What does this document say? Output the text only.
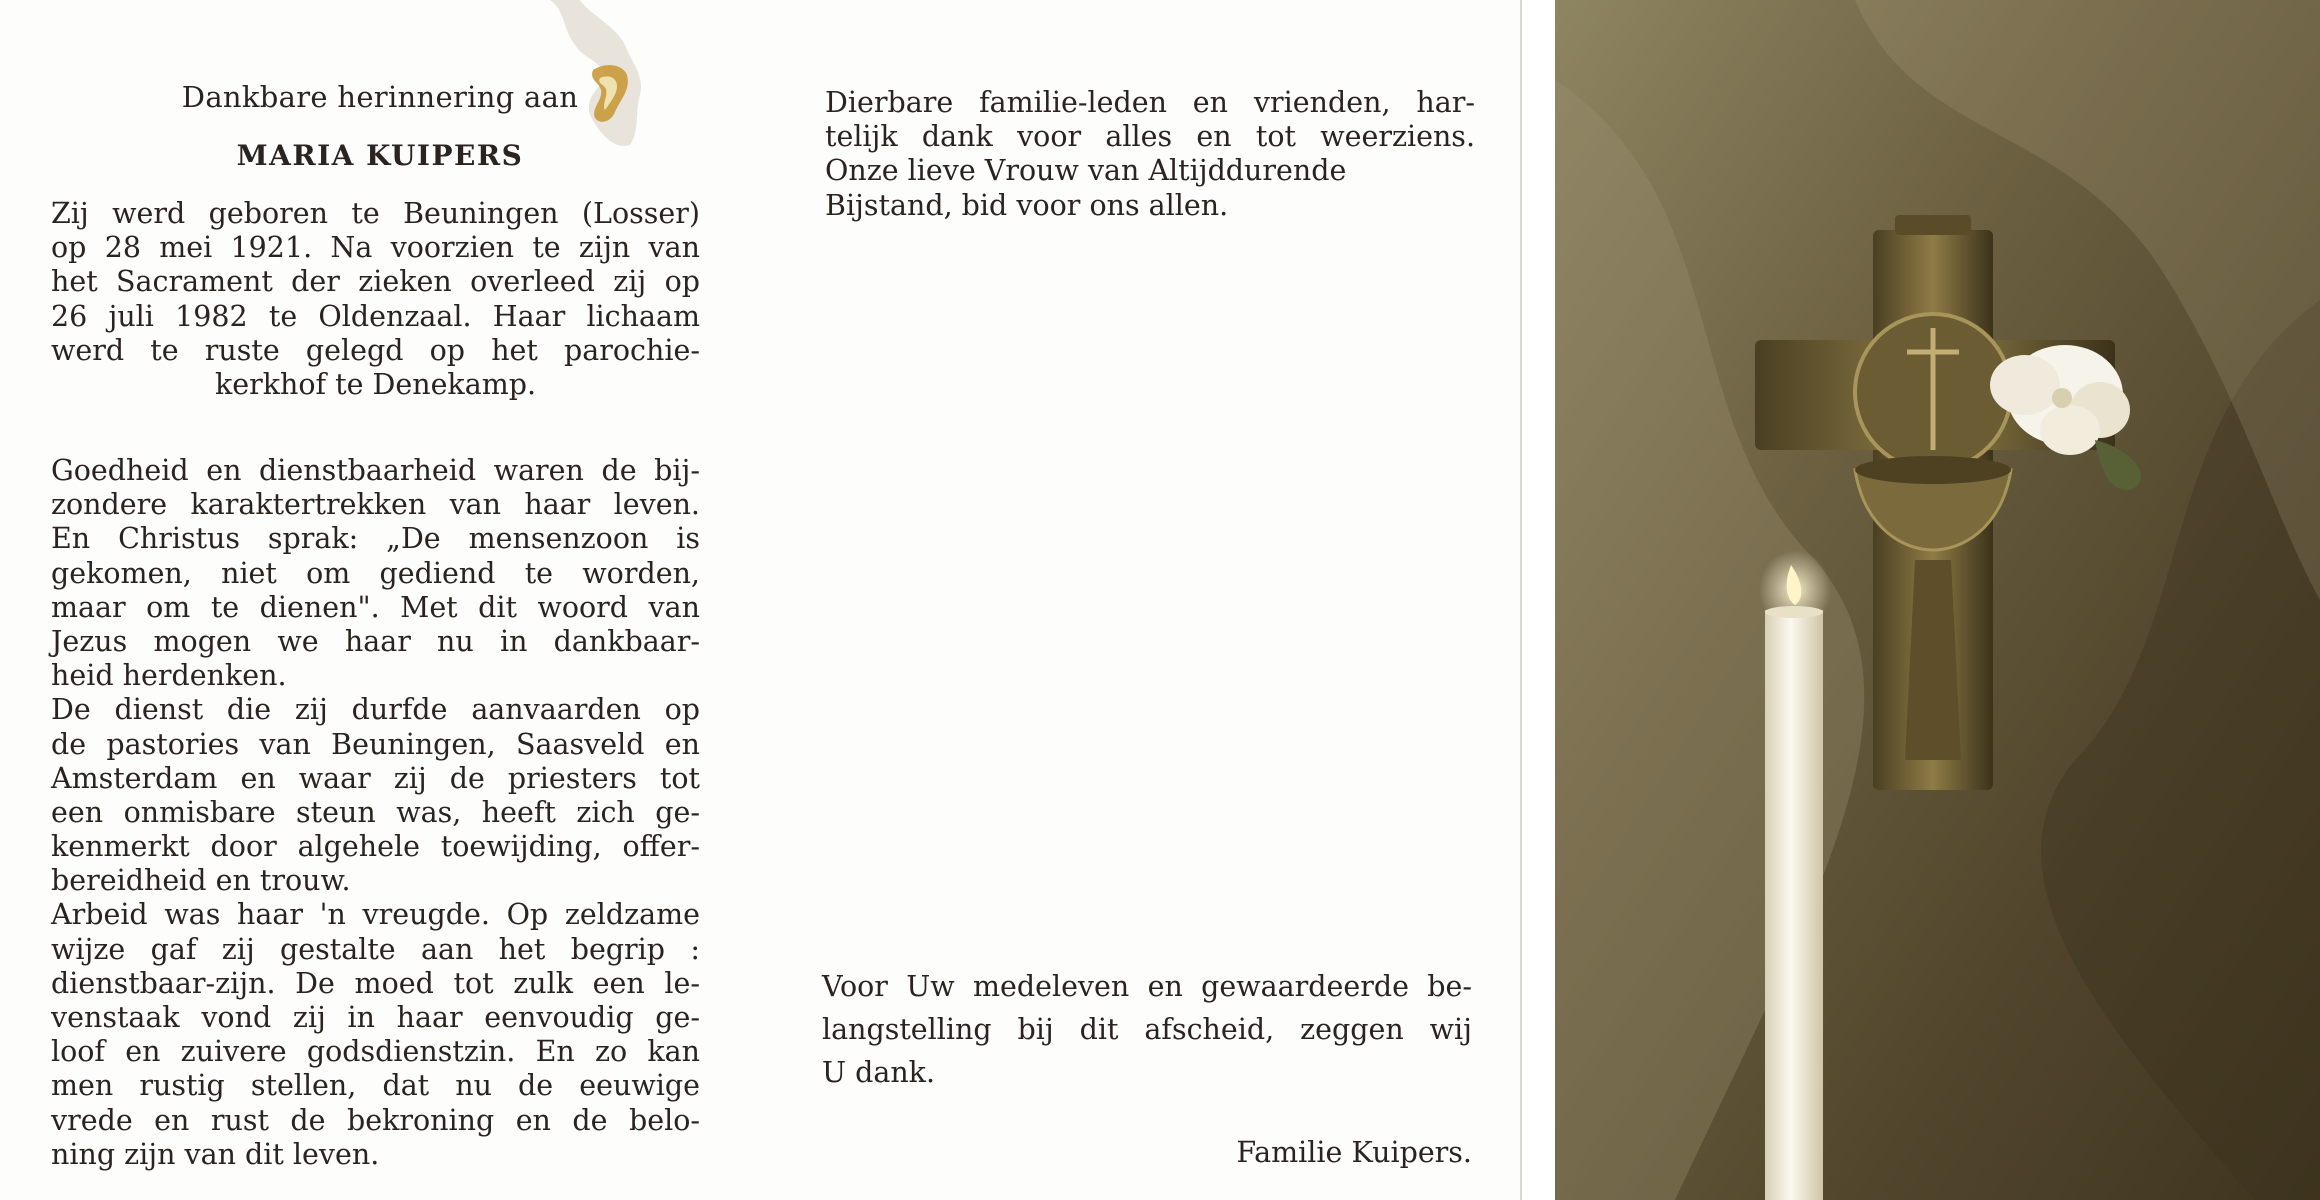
Dankbare herinnering aan
MARIA KUIPERS
Zij werd geboren te Beuningen (Losser)
op 28 mei 1921. Na voorzien te zijn van
het Sacrament der zieken overleed zij op
26 juli 1982 te Oldenzaal. Haar lichaam
werd te ruste gelegd op het parochie-
kerkhof te Denekamp.
Goedheid en dienstbaarheid waren de bij-
zondere karaktertrekken van haar leven.
En Christus sprak: „De mensenzoon is
gekomen, niet om gediend te worden,
maar om te dienen". Met dit woord van
Jezus mogen we haar nu in dankbaar-
heid herdenken.
De dienst die zij durfde aanvaarden op
de pastories van Beuningen, Saasveld en
Amsterdam en waar zij de priesters tot
een onmisbare steun was, heeft zich ge-
kenmerkt door algehele toewijding, offer-
bereidheid en trouw.
Arbeid was haar 'n vreugde. Op zeldzame
wijze gaf zij gestalte aan het begrip :
dienstbaar-zijn. De moed tot zulk een le-
venstaak vond zij in haar eenvoudig ge-
loof en zuivere godsdienstzin. En zo kan
men rustig stellen, dat nu de eeuwige
vrede en rust de bekroning en de belo-
ning zijn van dit leven.
Dierbare familie-leden en vrienden, har-
telijk dank voor alles en tot weerziens.
Onze lieve Vrouw van Altijddurende
Bijstand, bid voor ons allen.
Voor Uw medeleven en gewaardeerde be-
langstelling bij dit afscheid, zeggen wij
U dank.
Familie Kuipers.
